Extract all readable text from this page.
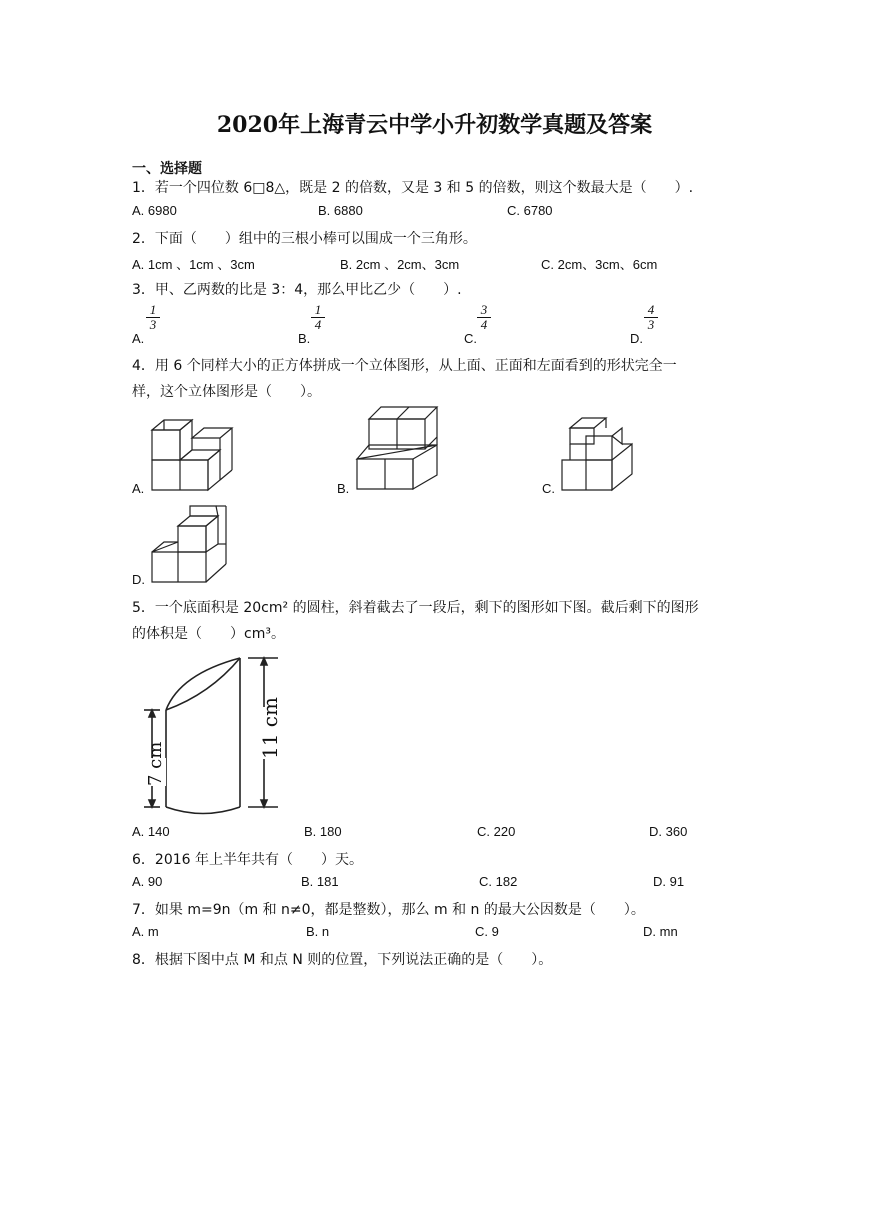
2020年上海青云中学小升初数学真题及答案
一、选择题
1．若一个四位数 6□8△，既是 2 的倍数，又是 3 和 5 的倍数，则这个数最大是（　　）.
A. 6980	B. 6880	C. 6780
2．下面（　　）组中的三根小棒可以围成一个三角形。
A. 1cm 、1cm 、3cm	B. 2cm 、2cm、3cm	C. 2cm、3cm、6cm
3．甲、乙两数的比是 3：4，那么甲比乙少（　　）.
A.
$\frac{1}{3}$
B.
$\frac{1}{4}$
C.
$\frac{3}{4}$
D.
$\frac{4}{3}$
4．用 6 个同样大小的正方体拼成一个立体图形，从上面、正面和左面看到的形状完全一
样，这个立体图形是（　　）。
A.	B.	C.
D.
5．一个底面积是 20cm² 的圆柱，斜着截去了一段后，剩下的图形如下图。截后剩下的图形
的体积是（　　）cm³。
7 cm
11 cm
A. 140	B. 180	C. 220	D. 360
6．2016 年上半年共有（　　）天。
A. 90	B. 181	C. 182	D. 91
7．如果 m=9n（m 和 n≠0，都是整数），那么 m 和 n 的最大公因数是（　　）。
A. m	B. n	C. 9	D. mn
8．根据下图中点 M 和点 N 则的位置，下列说法正确的是（　　）。
